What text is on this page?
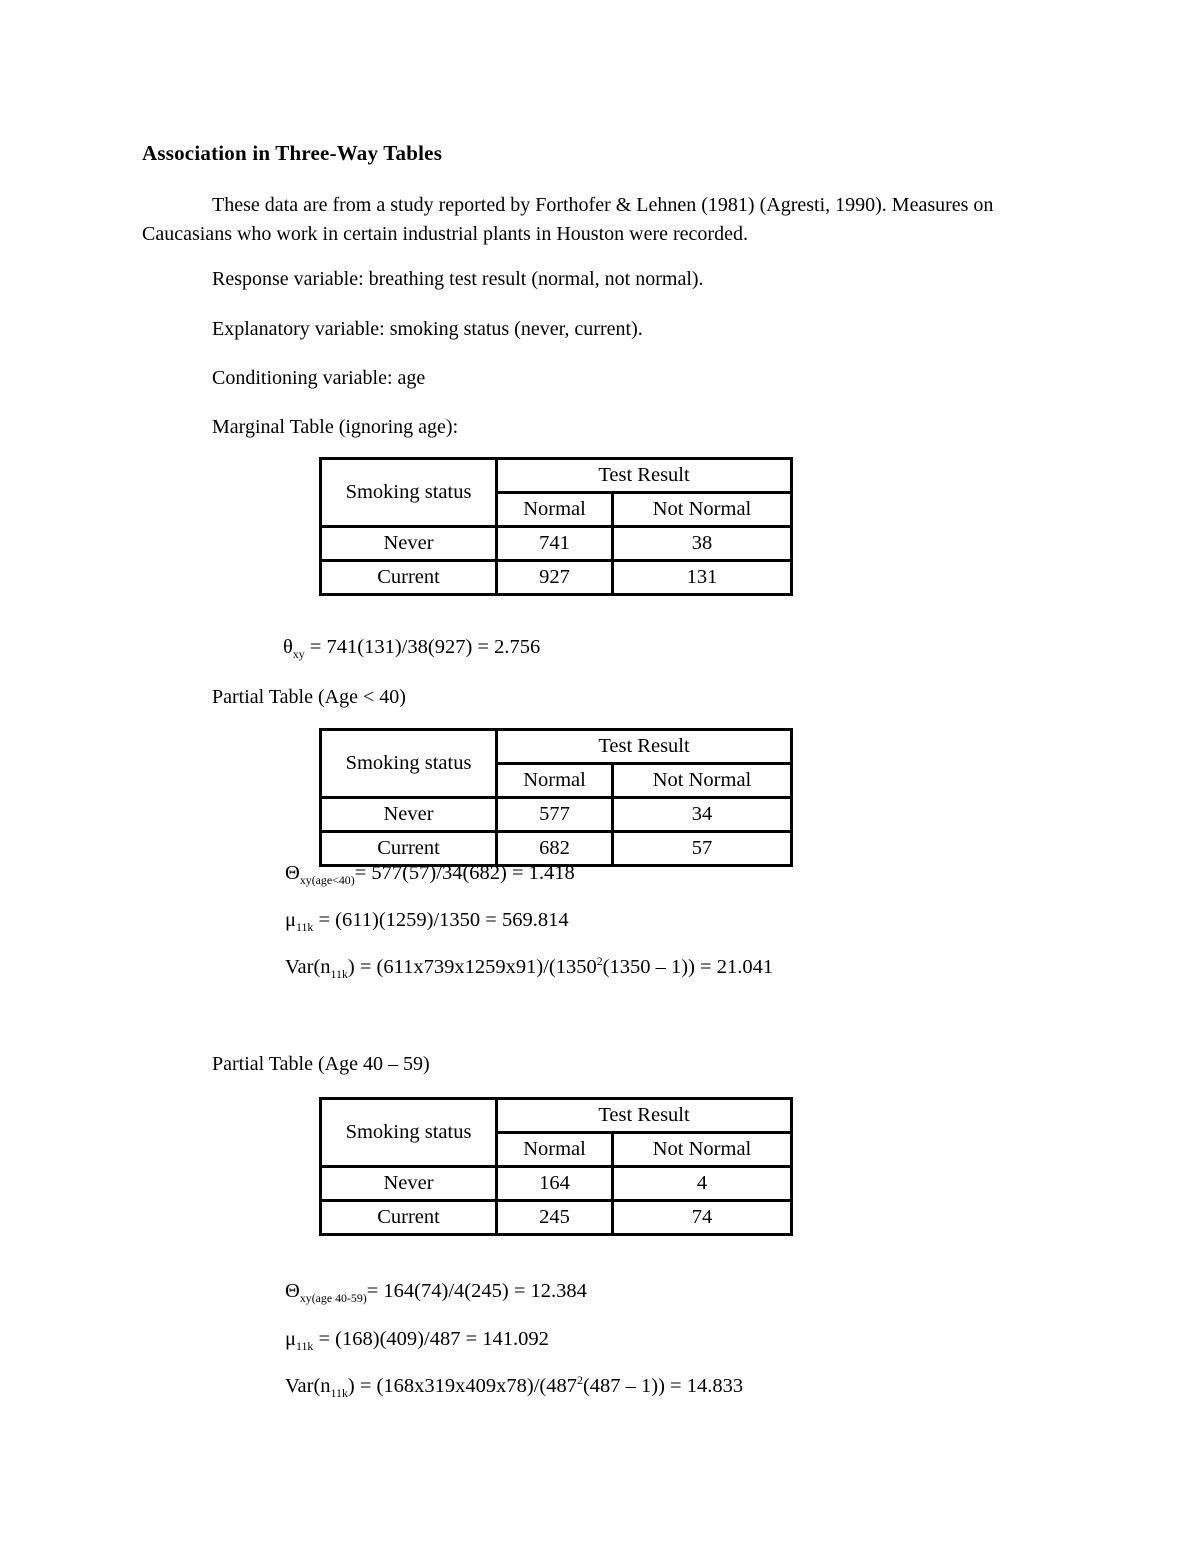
Association in Three-Way Tables
These data are from a study reported by Forthofer & Lehnen (1981) (Agresti, 1990). Measures on Caucasians who work in certain industrial plants in Houston were recorded.
Response variable: breathing test result (normal, not normal).
Explanatory variable: smoking status (never, current).
Conditioning variable: age
Marginal Table (ignoring age):
Smoking status	Test Result	
	Normal	Not Normal
Never	741	38
Current	927	131
$\theta_{xy} = 741(131)/38(927) = 2.756$
Partial Table (Age < 40)
Smoking status	Test Result	
	Normal	Not Normal
Never	577	34
Current	682	57
$\Theta_{xy(age<40)}= 577(57)/34(682) = 1.418$
$\mu_{11k} = (611)(1259)/1350 = 569.814$
$Var(n_{11k}) = (611x739x1259x91)/(1350^2(1350 - 1)) = 21.041$
Partial Table (Age 40 – 59)
Smoking status	Test Result	
	Normal	Not Normal
Never	164	4
Current	245	74
$\Theta_{xy(age 40-59)}= 164(74)/4(245) = 12.384$
$\mu_{11k} = (168)(409)/487 = 141.092$
$Var(n_{11k}) = (168x319x409x78)/(487^2(487 - 1)) = 14.833$
